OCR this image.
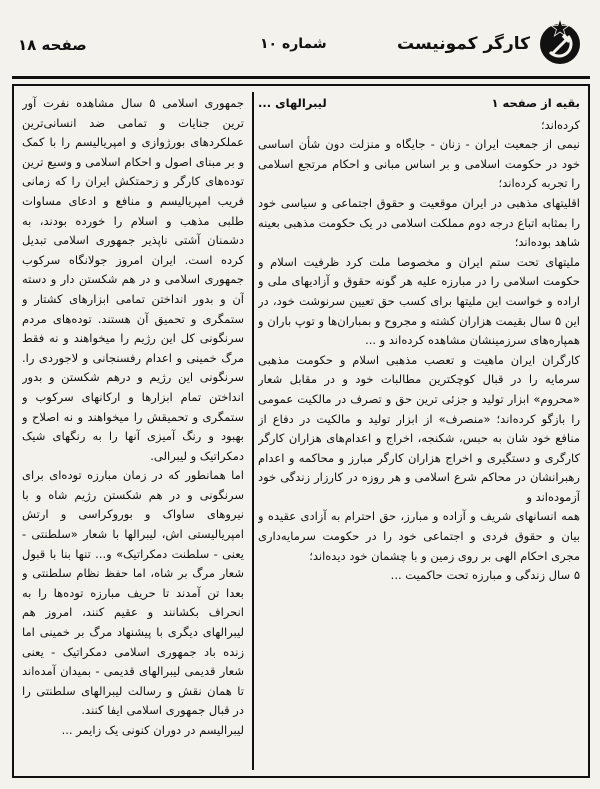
کارگر کمونیست
شماره ۱۰
صفحه ۱۸
بقیه از صفحه ۱
لیبرالهای ...

کرده‌اند؛

نیمی از جمعیت ایران - زنان - جایگاه و منزلت دون شأن اساسی خود در حکومت اسلامی و بر اساس مبانی و احکام مرتجع اسلامی را تجربه کرده‌اند؛

اقلیتهای مذهبی در ایران موقعیت و حقوق اجتماعی و سیاسی خود را بمثابه اتباع درجه دوم مملکت اسلامی در یک حکومت مذهبی بعینه شاهد بوده‌اند؛

ملیتهای تحت ستم ایران و مخصوصا ملت کرد ظرفیت اسلام و حکومت اسلامی را در مبارزه علیه هر گونه حقوق و آزادیهای ملی و اراده و خواست این ملیتها برای کسب حق تعیین سرنوشت خود، در این ۵ سال بقیمت هزاران کشته و مجروح و بمباران‌ها و توپ باران و همپاره‌های سرزمینشان مشاهده کرده‌اند و ...

کارگران ایران ماهیت و تعصب مذهبی اسلام و حکومت مذهبی سرمایه را در قبال کوچکترین مطالبات خود و در مقابل شعار «محروم» ابزار تولید و جزئی ترین حق و تصرف در مالکیت عمومی را بازگو کرده‌اند؛ «منصرف» از ابزار تولید و مالکیت در دفاع از منافع خود شان به حبس، شکنجه، اخراج و اعدام‌های هزاران کارگر کارگری و دستگیری و اخراج هزاران کارگر مبارز و محاکمه و اعدام رهبرانشان در محاکم شرع اسلامی و هر روزه در کارزار زندگی خود آزموده‌اند و

همه انسانهای شریف و آزاده و مبارز، حق احترام به آزادی عقیده و بیان و حقوق فردی و اجتماعی خود را در حکومت سرمایه‌داری مجری احکام الهی بر روی زمین و با چشمان خود دیده‌اند؛

۵ سال زندگی و مبارزه تحت حاکمیت ...

جمهوری اسلامی ۵ سال مشاهده نفرت آور ترین جنایات و تمامی ضد انسانی‌ترین عملکردهای بورژوازی و امپریالیسم را با کمک و بر مبنای اصول و احکام اسلامی و وسیع ترین توده‌های کارگر و زحمتکش ایران را که زمانی فریب امپریالیسم و منافع و ادعای مساوات طلبی مذهب و اسلام را خورده بودند، به دشمنان آشتی ناپذیر جمهوری اسلامی تبدیل کرده است. ایران امروز جولانگاه سرکوب جمهوری اسلامی و در هم شکستن دار و دسته آن و بدور انداختن تمامی ابزارهای کشتار و ستمگری و تحمیق آن هستند. توده‌های مردم سرنگونی کل این رژیم را میخواهند و نه فقط مرگ خمینی و اعدام رفسنجانی و لاجوردی را. سرنگونی این رژیم و درهم شکستن و بدور انداختن تمام ابزارها و ارکانهای سرکوب و ستمگری و تحمیقش را میخواهند و نه اصلاح و بهبود و رنگ آمیزی آنها را به رنگهای شیک دمکراتیک و لیبرالی.

اما همانطور که در زمان مبارزه توده‌ای برای سرنگونی و در هم شکستن رژیم شاه و با نیروهای ساواک و بوروکراسی و ارتش امپریالیستی اش، لیبرالها با شعار «سلطنتی - یعنی - سلطنت دمکراتیک» و... تنها بنا با قبول شعار مرگ بر شاه، اما حفظ نظام سلطنتی و بعدا تن آمدند تا حریف مبارزه توده‌ها را به انحراف بکشانند و عقیم کنند، امروز هم لیبرالهای دیگری با پیشنهاد مرگ بر خمینی اما زنده باد جمهوری اسلامی دمکراتیک - یعنی شعار قدیمی لیبرالهای قدیمی - بمیدان آمده‌اند تا همان نقش و رسالت لیبرالهای سلطنتی را در قبال جمهوری اسلامی ایفا کنند.

لیبرالیسم در دوران کنونی یک زایمر ...
